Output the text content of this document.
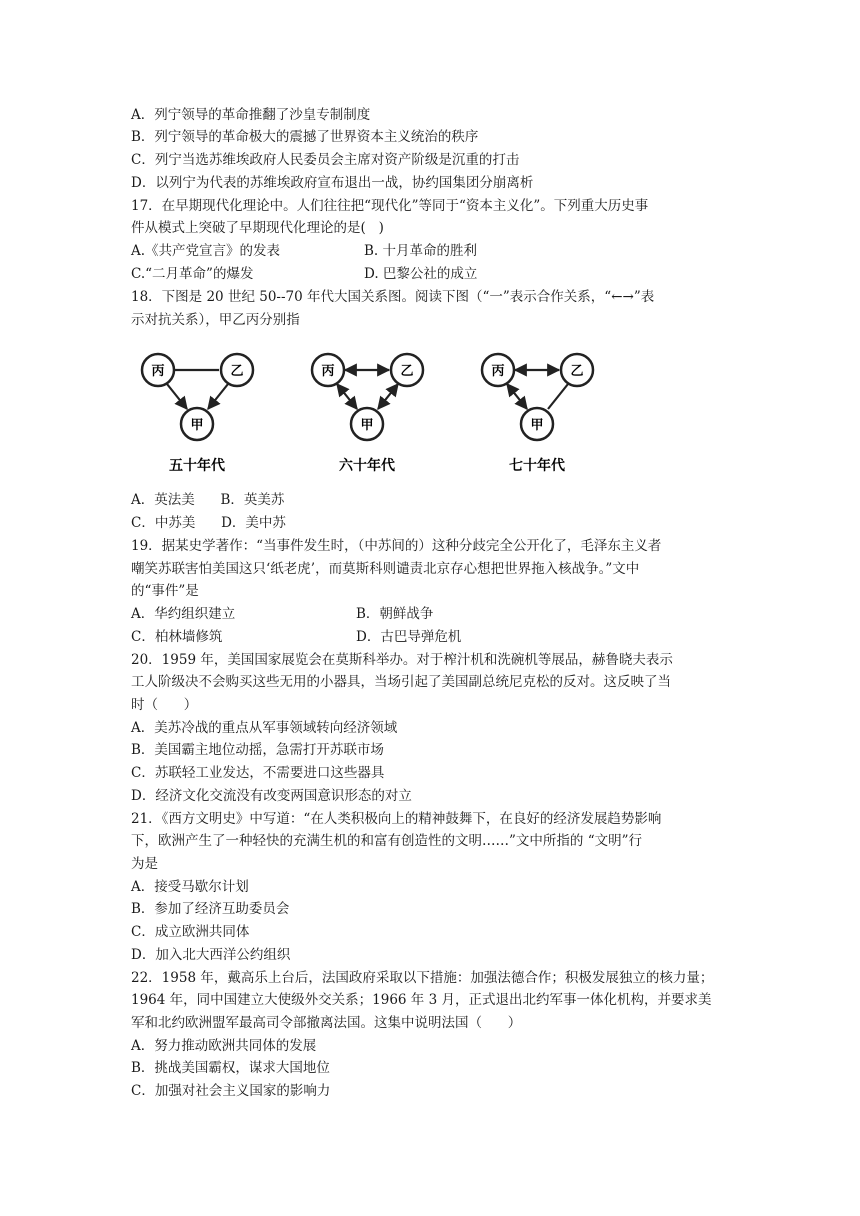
A．列宁领导的革命推翻了沙皇专制制度
B．列宁领导的革命极大的震撼了世界资本主义统治的秩序
C．列宁当选苏维埃政府人民委员会主席对资产阶级是沉重的打击
D．以列宁为代表的苏维埃政府宣布退出一战，协约国集团分崩离析
17．在早期现代化理论中。人们往往把“现代化”等同于“资本主义化”。下列重大历史事
件从模式上突破了早期现代化理论的是(   )
A.《共产党宣言》的发表	B. 十月革命的胜利
C.“二月革命”的爆发	D. 巴黎公社的成立
18．下图是 20 世纪 50--70 年代大国关系图。阅读下图（“一”表示合作关系，“←→”表
示对抗关系），甲乙丙分别指
丙	乙
甲
五十年代
丙	乙
甲
六十年代
丙	乙
甲
七十年代
A．英法美      B．英美苏
C．中苏美      D．美中苏
19．据某史学著作：“当事件发生时，（中苏间的）这种分歧完全公开化了，毛泽东主义者
嘲笑苏联害怕美国这只‘纸老虎’，而莫斯科则谴责北京存心想把世界拖入核战争。”文中
的“事件”是
A．华约组织建立	B．朝鲜战争
C．柏林墙修筑	D．古巴导弹危机
20．1959 年，美国国家展览会在莫斯科举办。对于榨汁机和洗碗机等展品，赫鲁晓夫表示
工人阶级决不会购买这些无用的小器具，当场引起了美国副总统尼克松的反对。这反映了当
时（      ）
A．美苏冷战的重点从军事领域转向经济领域
B．美国霸主地位动摇，急需打开苏联市场
C．苏联轻工业发达，不需要进口这些器具
D．经济文化交流没有改变两国意识形态的对立
21．《西方文明史》中写道：“在人类积极向上的精神鼓舞下，在良好的经济发展趋势影响
下，欧洲产生了一种轻快的充满生机的和富有创造性的文明……”文中所指的 “文明”行
为是
A．接受马歇尔计划
B．参加了经济互助委员会
C．成立欧洲共同体
D．加入北大西洋公约组织
22．1958 年，戴高乐上台后，法国政府采取以下措施：加强法德合作；积极发展独立的核力量；
1964 年，同中国建立大使级外交关系；1966 年 3 月，正式退出北约军事一体化机构，并要求美
军和北约欧洲盟军最高司令部撤离法国。这集中说明法国（      ）
A．努力推动欧洲共同体的发展
B．挑战美国霸权，谋求大国地位
C．加强对社会主义国家的影响力
